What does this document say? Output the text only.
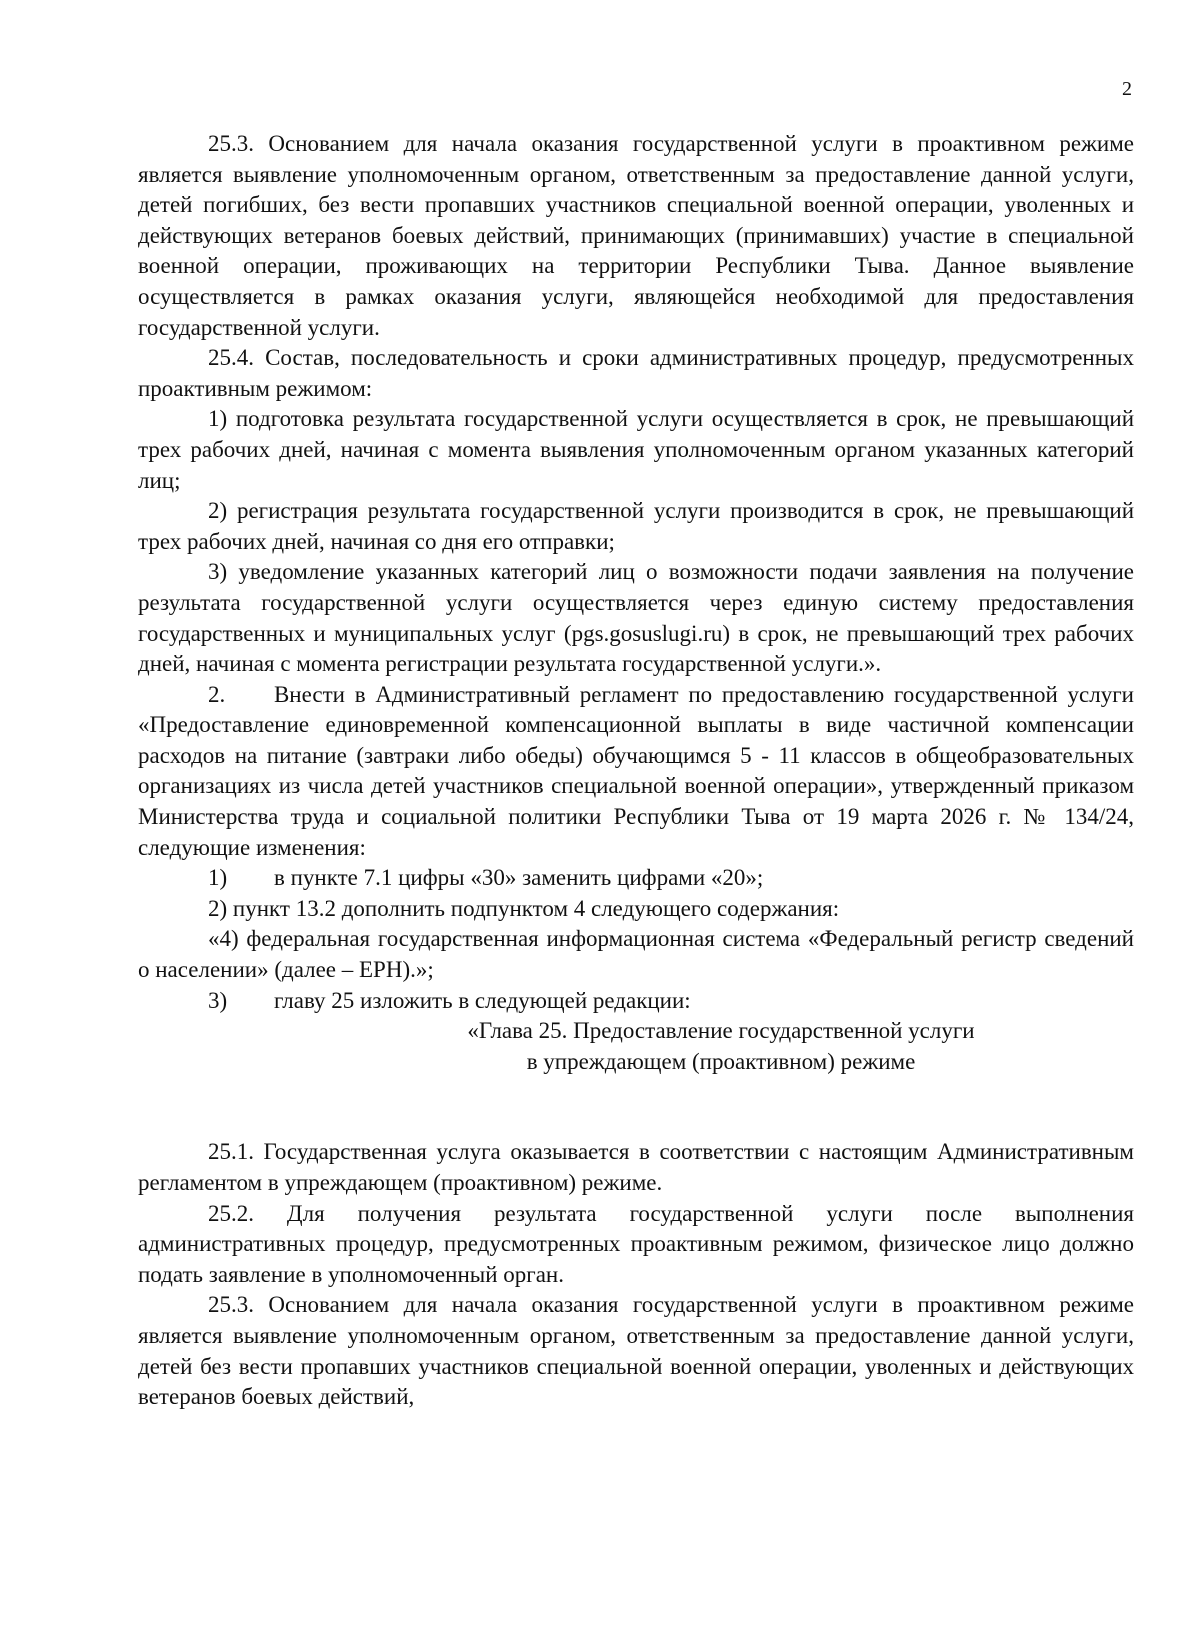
2

25.3. Основанием для начала оказания государственной услуги в проактивном режиме является выявление уполномоченным органом, ответственным за предоставление данной услуги, детей погибших, без вести пропавших участников специальной военной операции, уволенных и действующих ветеранов боевых действий, принимающих (принимавших) участие в специальной военной операции, проживающих на территории Республики Тыва. Данное выявление осуществляется в рамках оказания услуги, являющейся необходимой для предоставления государственной услуги.

25.4. Состав, последовательность и сроки административных процедур, предусмотренных проактивным режимом:

1) подготовка результата государственной услуги осуществляется в срок, не превышающий трех рабочих дней, начиная с момента выявления уполномоченным органом указанных категорий лиц;

2) регистрация результата государственной услуги производится в срок, не превышающий трех рабочих дней, начиная со дня его отправки;

3) уведомление указанных категорий лиц о возможности подачи заявления на получение результата государственной услуги осуществляется через единую систему предоставления государственных и муниципальных услуг (pgs.gosuslugi.ru) в срок, не превышающий трех рабочих дней, начиная с момента регистрации результата государственной услуги.».

2.     Внести в Административный регламент по предоставлению государственной услуги «Предоставление единовременной компенсационной выплаты в виде частичной компенсации расходов на питание (завтраки либо обеды) обучающимся 5 - 11 классов в общеобразовательных организациях из числа детей участников специальной военной операции», утвержденный приказом Министерства труда и социальной политики Республики Тыва от 19 марта 2026 г. № 134/24, следующие изменения:

1) в пункте 7.1 цифры «30» заменить цифрами «20»;

2) пункт 13.2 дополнить подпунктом 4 следующего содержания:

«4) федеральная государственная информационная система «Федеральный регистр сведений о населении» (далее – ЕРН).»;

3) главу 25 изложить в следующей редакции:

«Глава 25. Предоставление государственной услуги
в упреждающем (проактивном) режиме

25.1. Государственная услуга оказывается в соответствии с настоящим Административным регламентом в упреждающем (проактивном) режиме.

25.2. Для получения результата государственной услуги после выполнения административных процедур, предусмотренных проактивным режимом, физическое лицо должно подать заявление в уполномоченный орган.

25.3. Основанием для начала оказания государственной услуги в проактивном режиме является выявление уполномоченным органом, ответственным за предоставление данной услуги, детей без вести пропавших участников специальной военной операции, уволенных и действующих ветеранов боевых действий,
